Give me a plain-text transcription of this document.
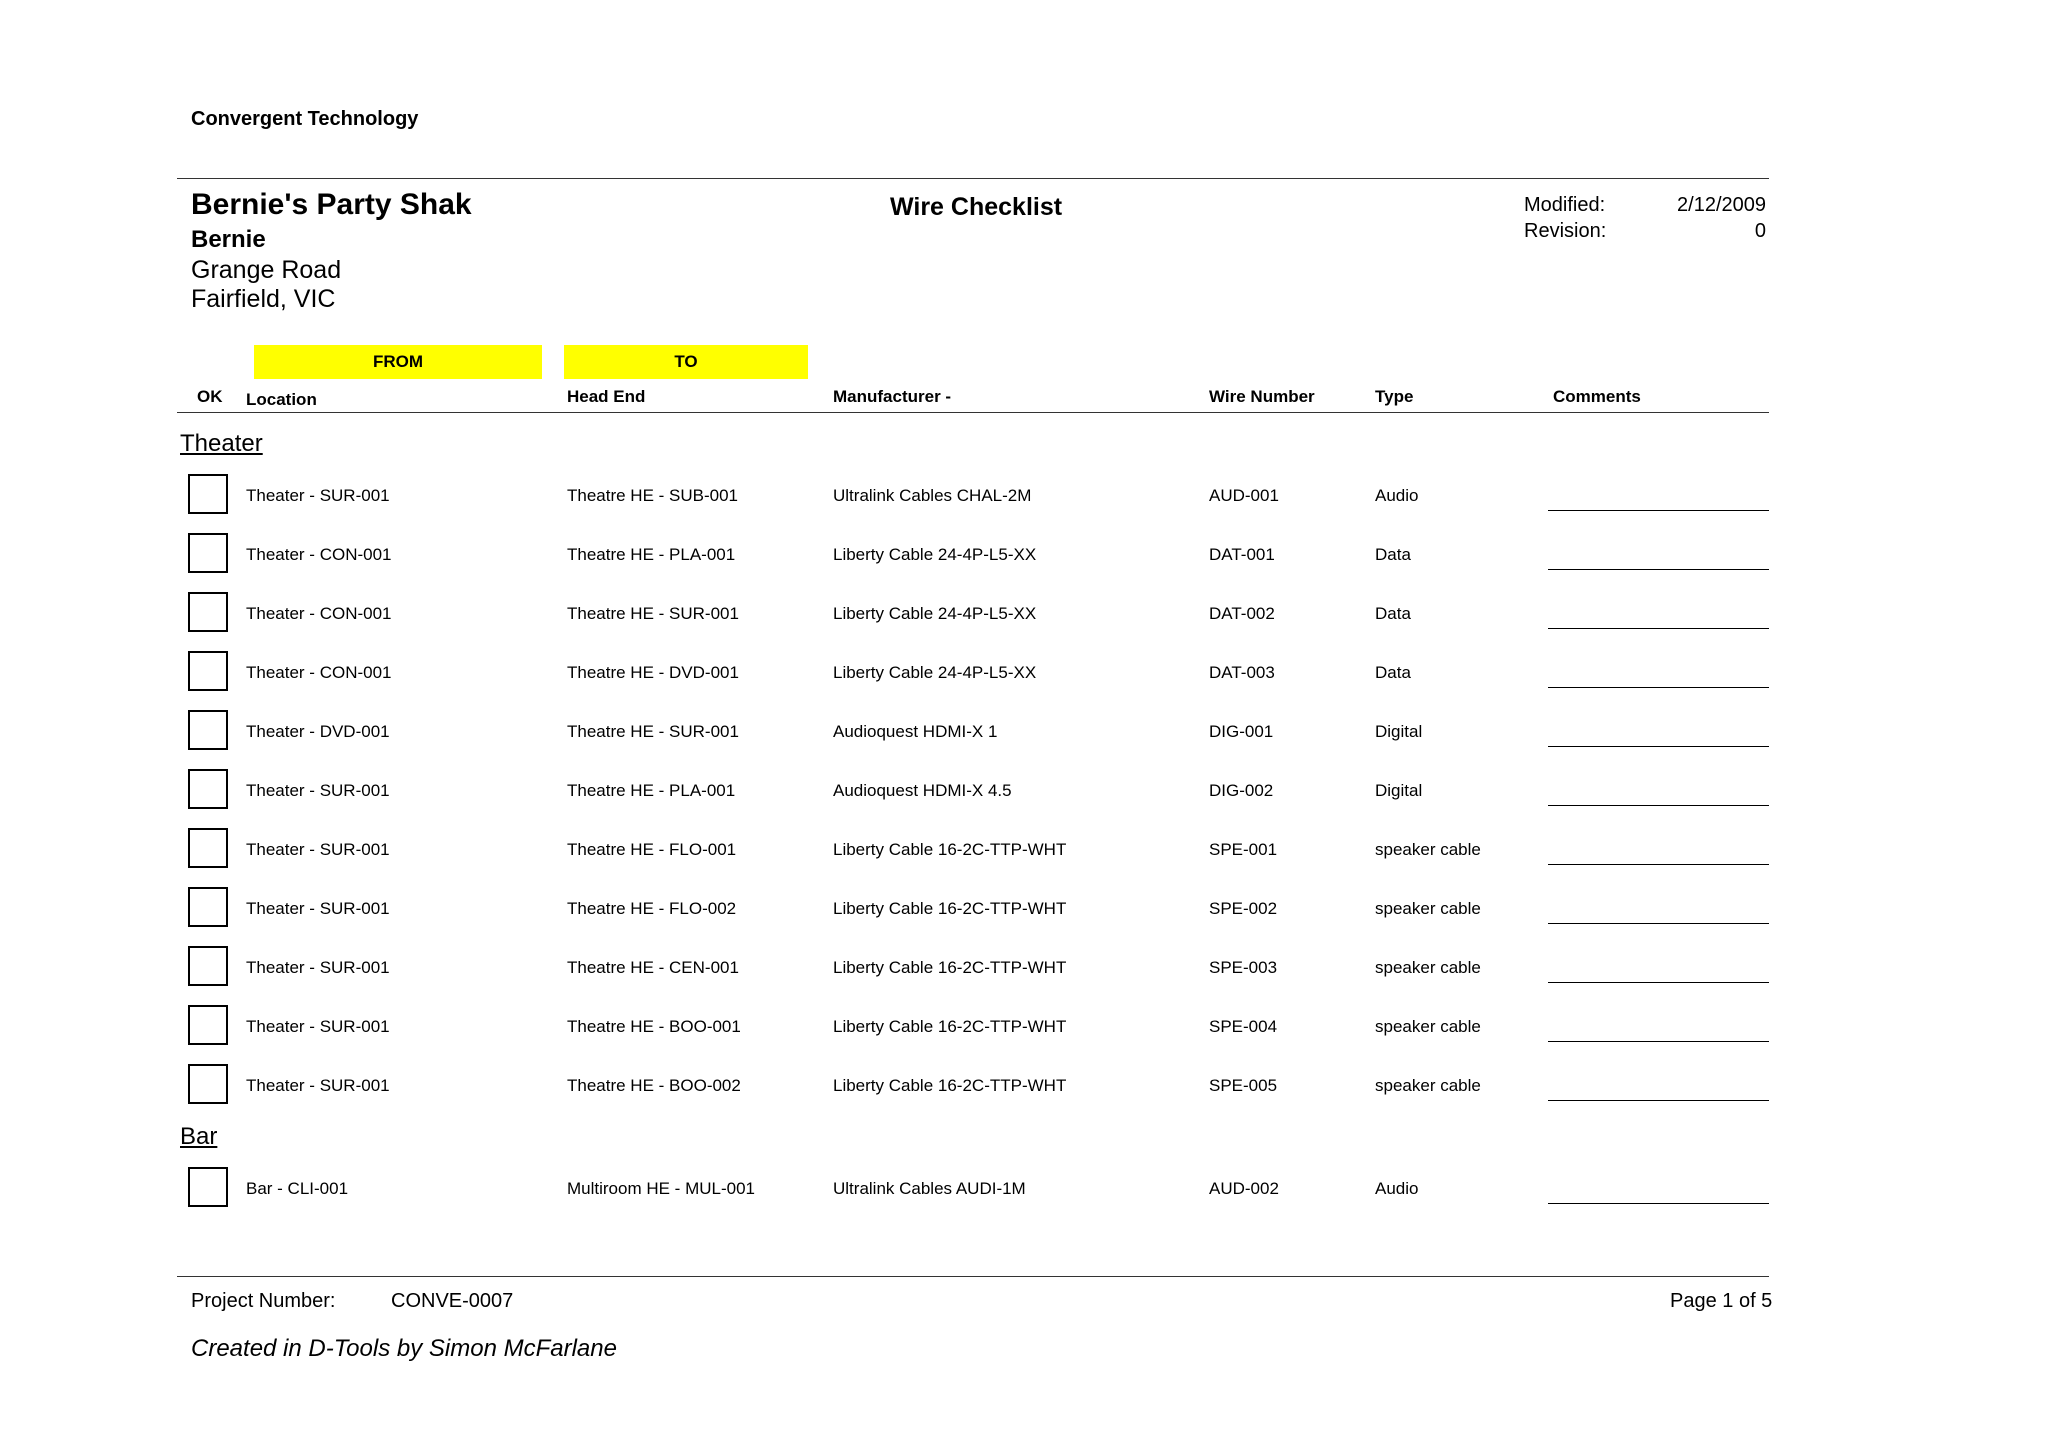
Convergent Technology
Bernie's Party Shak
Bernie
Grange Road
Fairfield, VIC
Wire Checklist	Modified:	2/12/2009
Revision:	0
FROM	TO
OK Location	Head End	Manufacturer -	Wire Number	Type	Comments
Theater
Theater - SUR-001	Theatre HE - SUB-001	Ultralink Cables CHAL-2M	AUD-001	Audio
Theater - CON-001	Theatre HE - PLA-001	Liberty Cable 24-4P-L5-XX	DAT-001	Data
Theater - CON-001	Theatre HE - SUR-001	Liberty Cable 24-4P-L5-XX	DAT-002	Data
Theater - CON-001	Theatre HE - DVD-001	Liberty Cable 24-4P-L5-XX	DAT-003	Data
Theater - DVD-001	Theatre HE - SUR-001	Audioquest HDMI-X 1	DIG-001	Digital
Theater - SUR-001	Theatre HE - PLA-001	Audioquest HDMI-X 4.5	DIG-002	Digital
Theater - SUR-001	Theatre HE - FLO-001	Liberty Cable 16-2C-TTP-WHT	SPE-001	speaker cable
Theater - SUR-001	Theatre HE - FLO-002	Liberty Cable 16-2C-TTP-WHT	SPE-002	speaker cable
Theater - SUR-001	Theatre HE - CEN-001	Liberty Cable 16-2C-TTP-WHT	SPE-003	speaker cable
Theater - SUR-001	Theatre HE - BOO-001	Liberty Cable 16-2C-TTP-WHT	SPE-004	speaker cable
Theater - SUR-001	Theatre HE - BOO-002	Liberty Cable 16-2C-TTP-WHT	SPE-005	speaker cable
Bar
Bar - CLI-001	Multiroom HE - MUL-001	Ultralink Cables AUDI-1M	AUD-002	Audio
Project Number:	CONVE-0007	Page 1 of 5
Created in D-Tools by Simon McFarlane
